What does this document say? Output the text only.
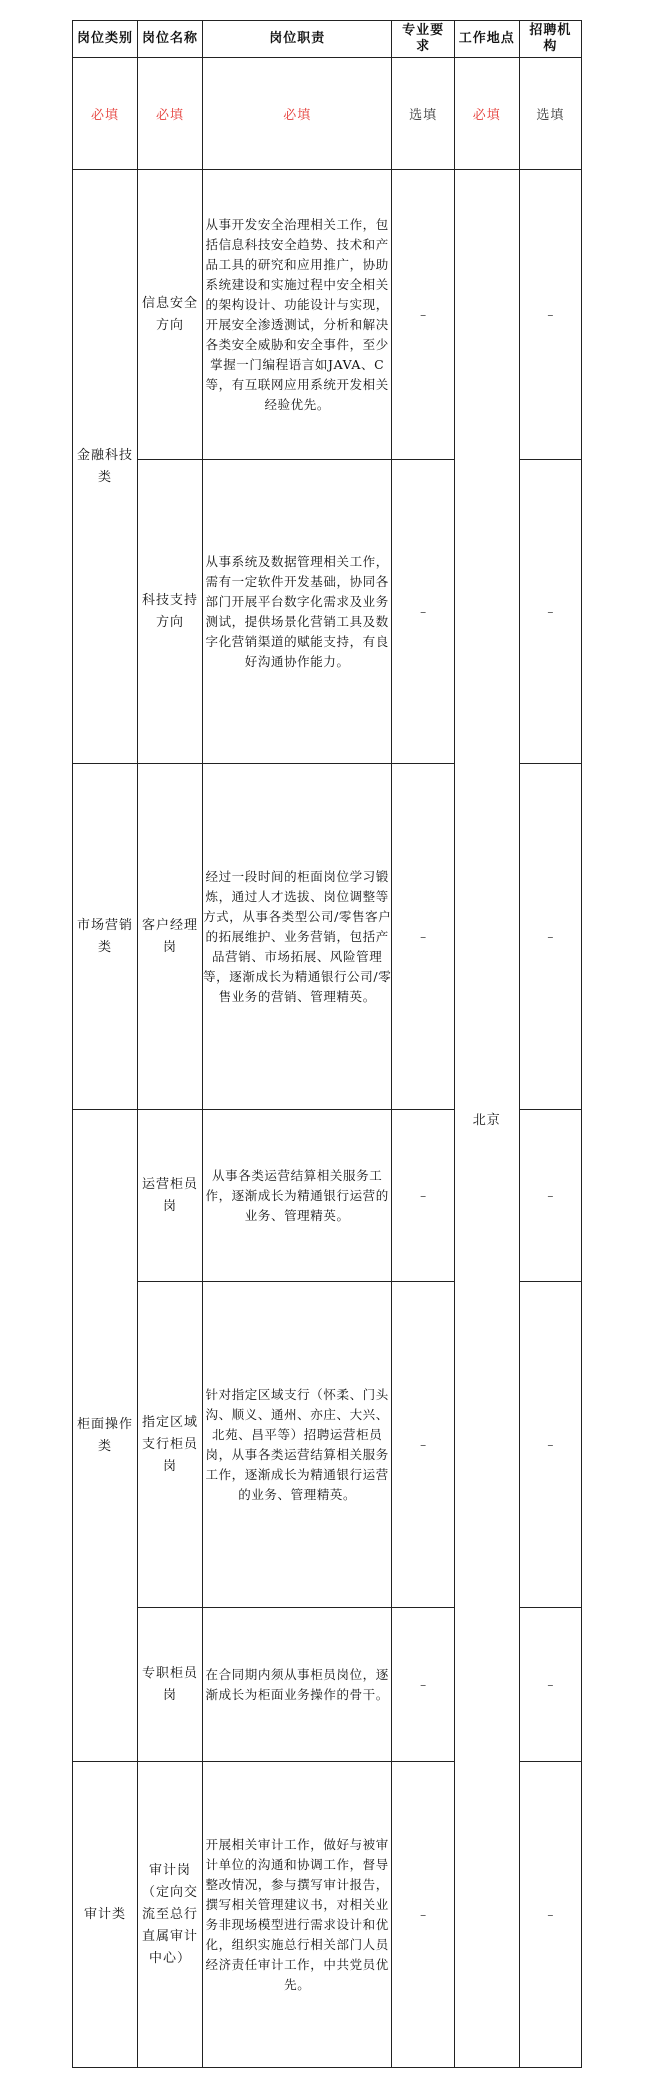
岗位类别	岗位名称	岗位职责	专业要求	工作地点	招聘机构
必填	必填	必填	选填	必填	选填
金融科技类	信息安全方向	从事开发安全治理相关工作，包括信息科技安全趋势、技术和产品工具的研究和应用推广，协助系统建设和实施过程中安全相关的架构设计、功能设计与实现，开展安全渗透测试，分析和解决各类安全威胁和安全事件，至少掌握一门编程语言如JAVA、C等，有互联网应用系统开发相关经验优先。	–	北京	–
	科技支持方向	从事系统及数据管理相关工作，需有一定软件开发基础，协同各部门开展平台数字化需求及业务测试，提供场景化营销工具及数字化营销渠道的赋能支持，有良好沟通协作能力。	–		–
市场营销类	客户经理岗	经过一段时间的柜面岗位学习锻炼，通过人才选拔、岗位调整等方式，从事各类型公司/零售客户的拓展维护、业务营销，包括产品营销、市场拓展、风险管理等，逐渐成长为精通银行公司/零售业务的营销、管理精英。	–		–
柜面操作类	运营柜员岗	从事各类运营结算相关服务工作，逐渐成长为精通银行运营的业务、管理精英。	–		–
	指定区域支行柜员岗	针对指定区域支行（怀柔、门头沟、顺义、通州、亦庄、大兴、北苑、昌平等）招聘运营柜员岗，从事各类运营结算相关服务工作，逐渐成长为精通银行运营的业务、管理精英。	–		–
	专职柜员岗	在合同期内须从事柜员岗位，逐渐成长为柜面业务操作的骨干。	–		–
审计类	审计岗（定向交流至总行直属审计中心）	开展相关审计工作，做好与被审计单位的沟通和协调工作，督导整改情况，参与撰写审计报告，撰写相关管理建议书，对相关业务非现场模型进行需求设计和优化，组织实施总行相关部门人员经济责任审计工作，中共党员优先。	–		–
